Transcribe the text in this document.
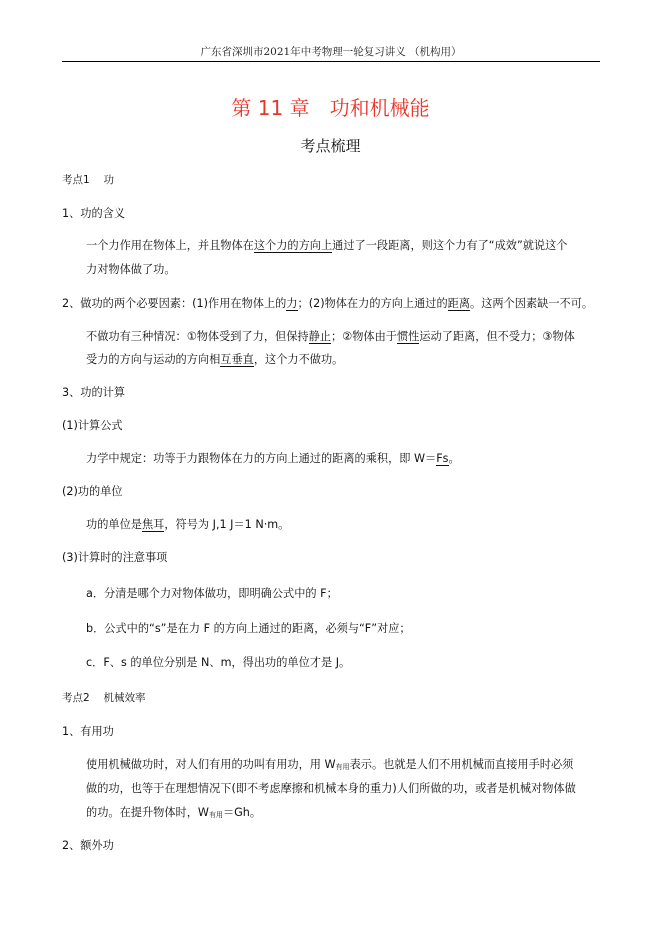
广东省深圳市2021年中考物理一轮复习讲义 （机构用）
第 11 章　功和机械能
考点梳理
考点1　 功
1、功的含义
一个力作用在物体上，并且物体在这个力的方向上通过了一段距离，则这个力有了“成效”就说这个
力对物体做了功。
2、做功的两个必要因素：(1)作用在物体上的力；(2)物体在力的方向上通过的距离。这两个因素缺一不可。
不做功有三种情况：①物体受到了力，但保持静止；②物体由于惯性运动了距离，但不受力；③物体
受力的方向与运动的方向相互垂直，这个力不做功。
3、功的计算
(1)计算公式
力学中规定：功等于力跟物体在力的方向上通过的距离的乘积，即 W＝Fs。
(2)功的单位
功的单位是焦耳，符号为 J,1 J＝1 N·m。
(3)计算时的注意事项
a．分清是哪个力对物体做功，即明确公式中的 F；
b．公式中的“s”是在力 F 的方向上通过的距离，必须与“F”对应；
c．F、s 的单位分别是 N、m，得出功的单位才是 J。
考点2　 机械效率
1、有用功
使用机械做功时，对人们有用的功叫有用功，用 W有用表示。也就是人们不用机械而直接用手时必须
做的功，也等于在理想情况下(即不考虑摩擦和机械本身的重力)人们所做的功，或者是机械对物体做
的功。在提升物体时，W有用＝Gh。
2、额外功
